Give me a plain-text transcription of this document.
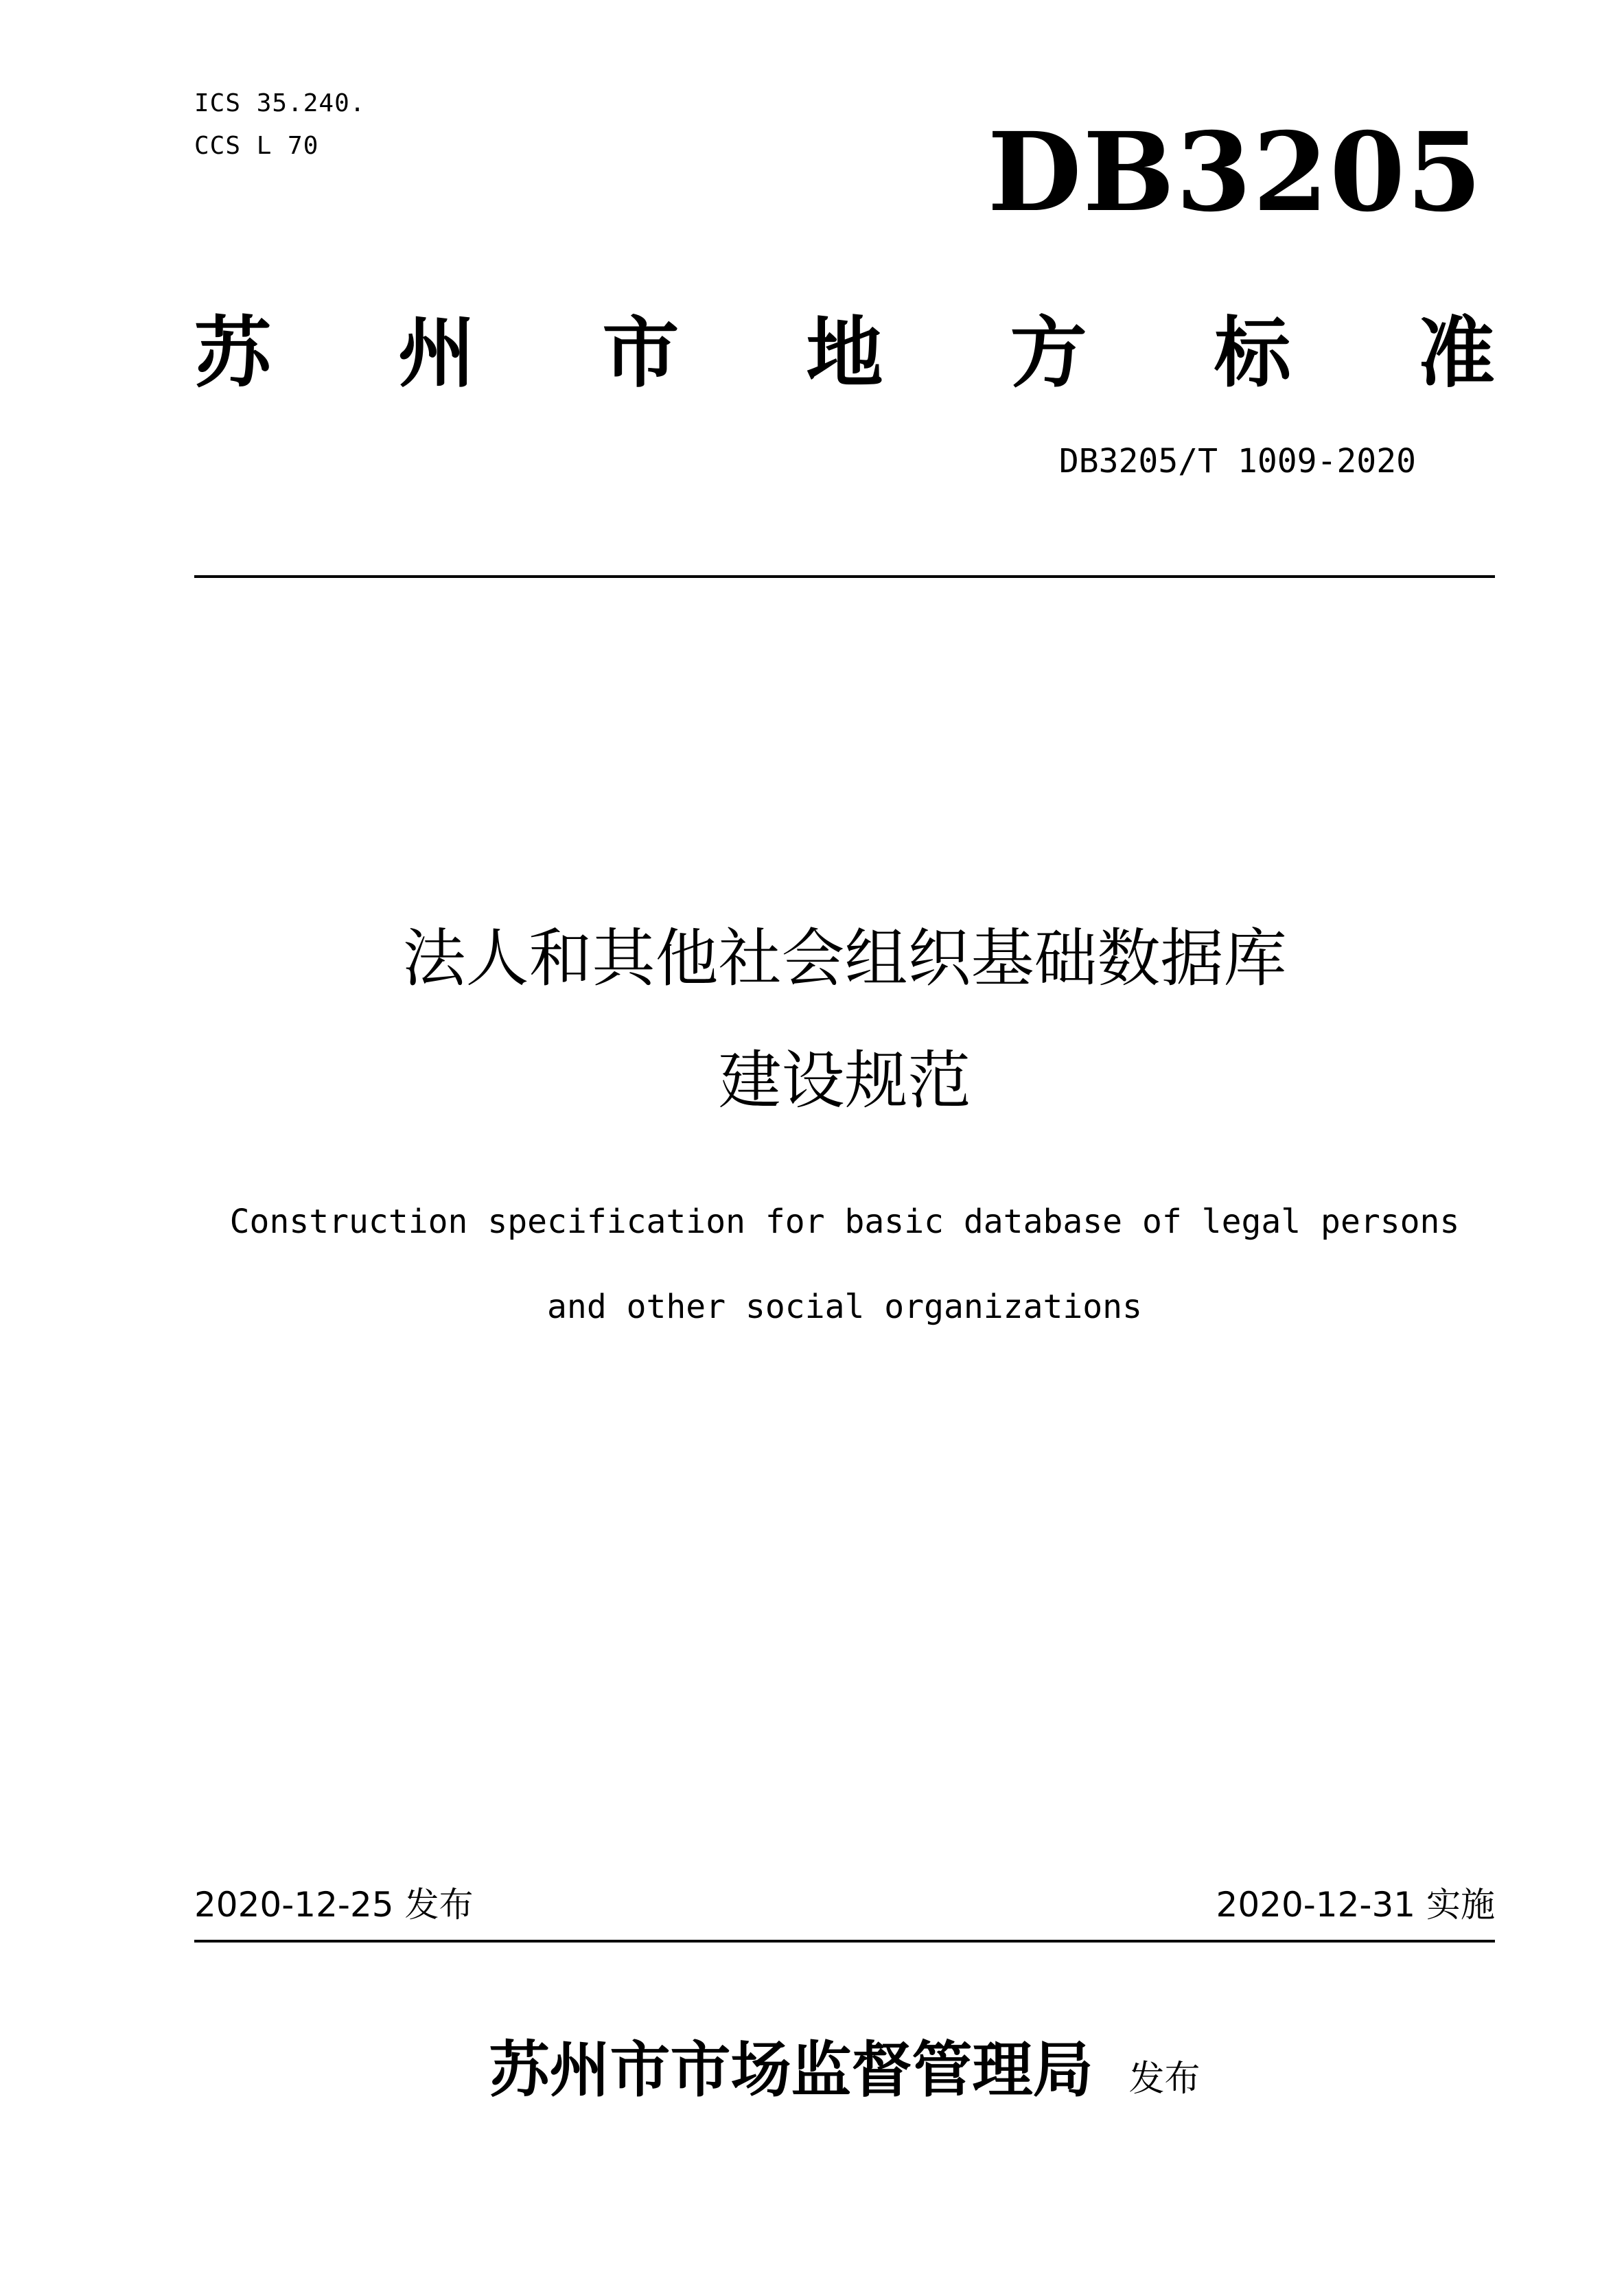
ICS 35.240.
CCS L 70	DB3205
苏 州 市 地 方 标 准
DB3205/T 1009-2020
法人和其他社会组织基础数据库
建设规范
Construction specification for basic database of legal persons
and other social organizations
2020-12-25 发布	2020-12-31 实施
苏州市市场监督管理局 发布
